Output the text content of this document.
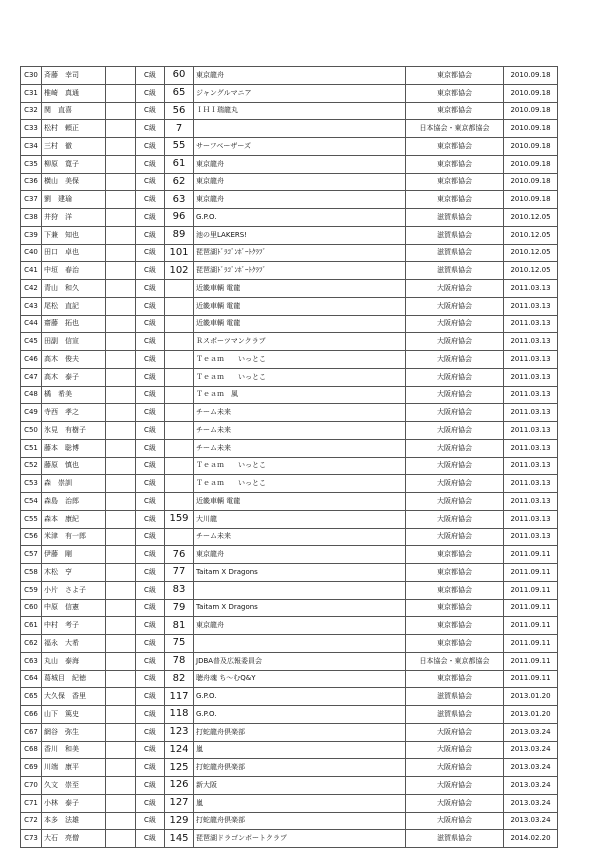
C30	斉藤　幸司		C級	60	東京龍舟	東京都協会	2010.09.18
C31	椎崎　真通		C級	65	ジャングルマニア	東京都協会	2010.09.18
C32	関　直喜		C級	56	ＩＨＩ瑞龍丸	東京都協会	2010.09.18
C33	松村　頼正		C級	7		日本協会・東京都協会	2010.09.18
C34	三村　徹		C級	55	サーフベーザーズ	東京都協会	2010.09.18
C35	柳原　寛子		C級	61	東京龍舟	東京都協会	2010.09.18
C36	横山　美保		C級	62	東京龍舟	東京都協会	2010.09.18
C37	劉　建瑜		C級	63	東京龍舟	東京都協会	2010.09.18
C38	井狩　洋		C級	96	G.P.O.	滋賀県協会	2010.12.05
C39	下兼　知也		C級	89	池の里LAKERS!	滋賀県協会	2010.12.05
C40	田口　卓也		C級	101	琵琶湖ﾄﾞﾗｺﾞﾝﾎﾞｰﾄｸﾗﾌﾞ	滋賀県協会	2010.12.05
C41	中垣　春治		C級	102	琵琶湖ﾄﾞﾗｺﾞﾝﾎﾞｰﾄｸﾗﾌﾞ	滋賀県協会	2010.12.05
C42	青山　和久		C級		近畿車輌 電龍	大阪府協会	2011.03.13
C43	尾松　直記		C級		近畿車輌 電龍	大阪府協会	2011.03.13
C44	齋藤　拓也		C級		近畿車輌 電龍	大阪府協会	2011.03.13
C45	田副　信宣		C級		Ｒスポーツマンクラブ	大阪府協会	2011.03.13
C46	高木　俊夫		C級		Ｔｅａｍ　　いっとこ	大阪府協会	2011.03.13
C47	高木　泰子		C級		Ｔｅａｍ　　いっとこ	大阪府協会	2011.03.13
C48	橘　希美		C級		Ｔｅａｍ　風	大阪府協会	2011.03.13
C49	寺西　孝之		C級		チーム未来	大阪府協会	2011.03.13
C50	氷見　有樹子		C級		チーム未来	大阪府協会	2011.03.13
C51	藤本　聡博		C級		チーム未来	大阪府協会	2011.03.13
C52	藤原　慎也		C級		Ｔｅａｍ　　いっとこ	大阪府協会	2011.03.13
C53	森　崇訓		C級		Ｔｅａｍ　　いっとこ	大阪府協会	2011.03.13
C54	森島　治郎		C級		近畿車輌 電龍	大阪府協会	2011.03.13
C55	森本　康紀		C級	159	大川龍	大阪府協会	2011.03.13
C56	米津　有一郎		C級		チーム未来	大阪府協会	2011.03.13
C57	伊藤　剛		C級	76	東京龍舟	東京都協会	2011.09.11
C58	木松　亨		C級	77	Taitam X Dragons	東京都協会	2011.09.11
C59	小片　さよ子		C級	83		東京都協会	2011.09.11
C60	中原　信憲		C級	79	Taitam X Dragons	東京都協会	2011.09.11
C61	中村　考子		C級	81	東京龍舟	東京都協会	2011.09.11
C62	福永　大希		C級	75		東京都協会	2011.09.11
C63	丸山　泰海		C級	78	JDBA普及広報委員会	日本協会・東京都協会	2011.09.11
C64	葛城目　紀徳		C級	82	聴舟魂 ち〜むQ&Y	東京都協会	2011.09.11
C65	大久保　香里		C級	117	G.P.O.	滋賀県協会	2013.01.20
C66	山下　篤史		C級	118	G.P.O.	滋賀県協会	2013.01.20
C67	網谷　弥生		C級	123	打蛇龍舟倶楽部	大阪府協会	2013.03.24
C68	香川　和美		C級	124	嵐	大阪府協会	2013.03.24
C69	川端　康平		C級	125	打蛇龍舟倶楽部	大阪府協会	2013.03.24
C70	久文　崇至		C級	126	新大阪	大阪府協会	2013.03.24
C71	小林　泰子		C級	127	嵐	大阪府協会	2013.03.24
C72	本多　法雄		C級	129	打蛇龍舟倶楽部	大阪府協会	2013.03.24
C73	大石　亮僧		C級	145	琵琶湖ドラゴンボートクラブ	滋賀県協会	2014.02.20
